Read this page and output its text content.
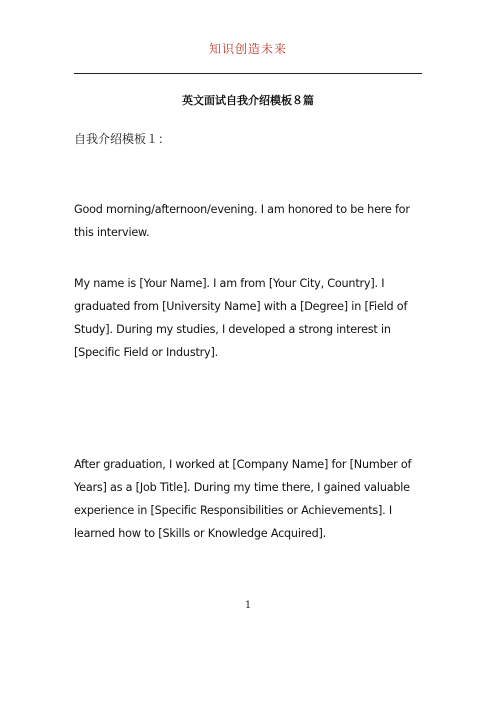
知识创造未来
英文面试自我介绍模板８篇
自我介绍模板１：

Good morning/afternoon/evening. I am honored to be here for this interview.

My name is [Your Name]. I am from [Your City, Country]. I graduated from [University Name] with a [Degree] in [Field of Study]. During my studies, I developed a strong interest in [Specific Field or Industry].

After graduation, I worked at [Company Name] for [Number of Years] as a [Job Title]. During my time there, I gained valuable experience in [Specific Responsibilities or Achievements]. I learned how to [Skills or Knowledge Acquired].

1
